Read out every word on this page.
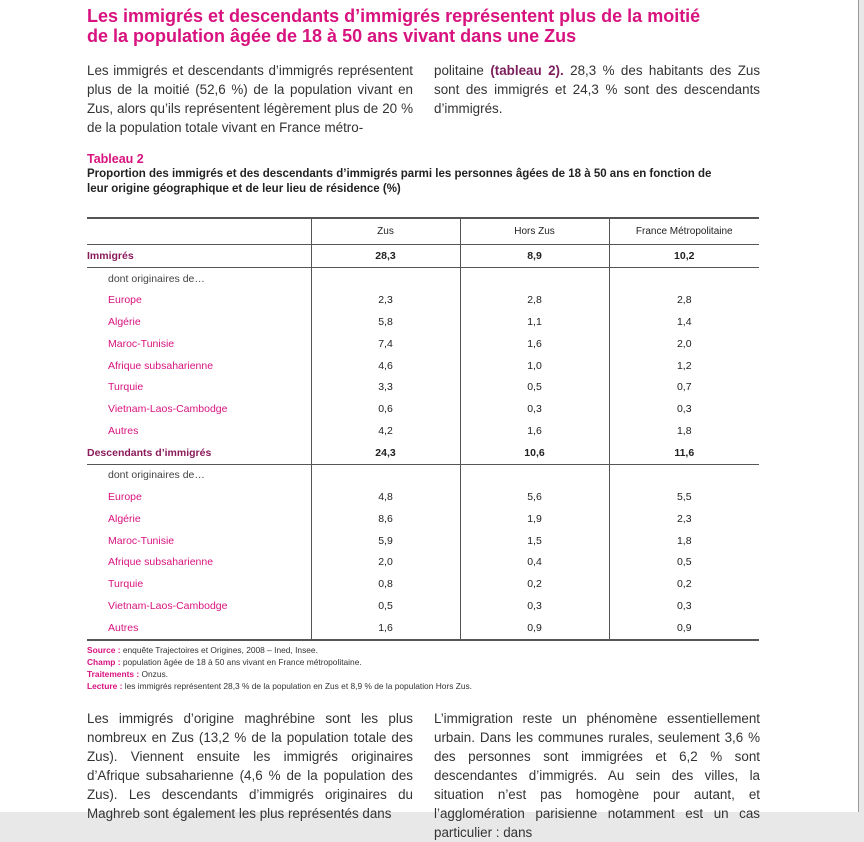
Les immigrés et descendants d’immigrés représentent plus de la moitié
de la population âgée de 18 à 50 ans vivant dans une Zus

Les immigrés et descendants d’immigrés représentent plus de la moitié (52,6 %) de la population vivant en Zus, alors qu’ils représentent légèrement plus de 20 % de la population totale vivant en France métro-

politaine (tableau 2). 28,3 % des habitants des Zus sont des immigrés et 24,3 % sont des descendants d’immigrés.

Tableau 2
Proportion des immigrés et des descendants d’immigrés parmi les personnes âgées de 18 à 50 ans en fonction de leur origine géographique et de leur lieu de résidence (%)
	Zus	Hors Zus	France Métropolitaine
Immigrés	28,3	8,9	10,2
dont originaires de…			
Europe	2,3	2,8	2,8
Algérie	5,8	1,1	1,4
Maroc-Tunisie	7,4	1,6	2,0
Afrique subsaharienne	4,6	1,0	1,2
Turquie	3,3	0,5	0,7
Vietnam-Laos-Cambodge	0,6	0,3	0,3
Autres	4,2	1,6	1,8
Descendants d’immigrés	24,3	10,6	11,6
dont originaires de…			
Europe	4,8	5,6	5,5
Algérie	8,6	1,9	2,3
Maroc-Tunisie	5,9	1,5	1,8
Afrique subsaharienne	2,0	0,4	0,5
Turquie	0,8	0,2	0,2
Vietnam-Laos-Cambodge	0,5	0,3	0,3
Autres	1,6	0,9	0,9
Source : enquête Trajectoires et Origines, 2008 – Ined, Insee.
Champ : population âgée de 18 à 50 ans vivant en France métropolitaine.
Traitements : Onzus.
Lecture : les immigrés représentent 28,3 % de la population en Zus et 8,9 % de la population Hors Zus.

Les immigrés d’origine maghrébine sont les plus nombreux en Zus (13,2 % de la population totale des Zus). Viennent ensuite les immigrés originaires d’Afrique subsaharienne (4,6 % de la population des Zus). Les descendants d’immigrés originaires du Maghreb sont également les plus représentés dans

L’immigration reste un phénomène essentiellement urbain. Dans les communes rurales, seulement 3,6 % des personnes sont immigrées et 6,2 % sont descendantes d’immigrés. Au sein des villes, la situation n’est pas homogène pour autant, et l’agglomération parisienne notamment est un cas particulier : dans
